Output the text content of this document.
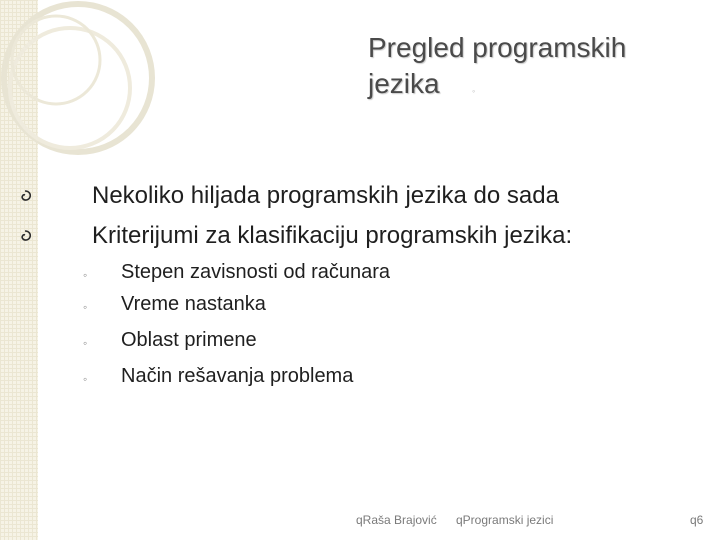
Pregled programskih
jezika	◦
Nekoliko hiljada programskih jezika do sada
Kriterijumi za klasifikaciju programskih jezika:
◦ Stepen zavisnosti od računara
◦ Vreme nastanka
◦ Oblast primene
◦ Način rešavanja problema
qRaša Brajović qProgramski jezici	q6
